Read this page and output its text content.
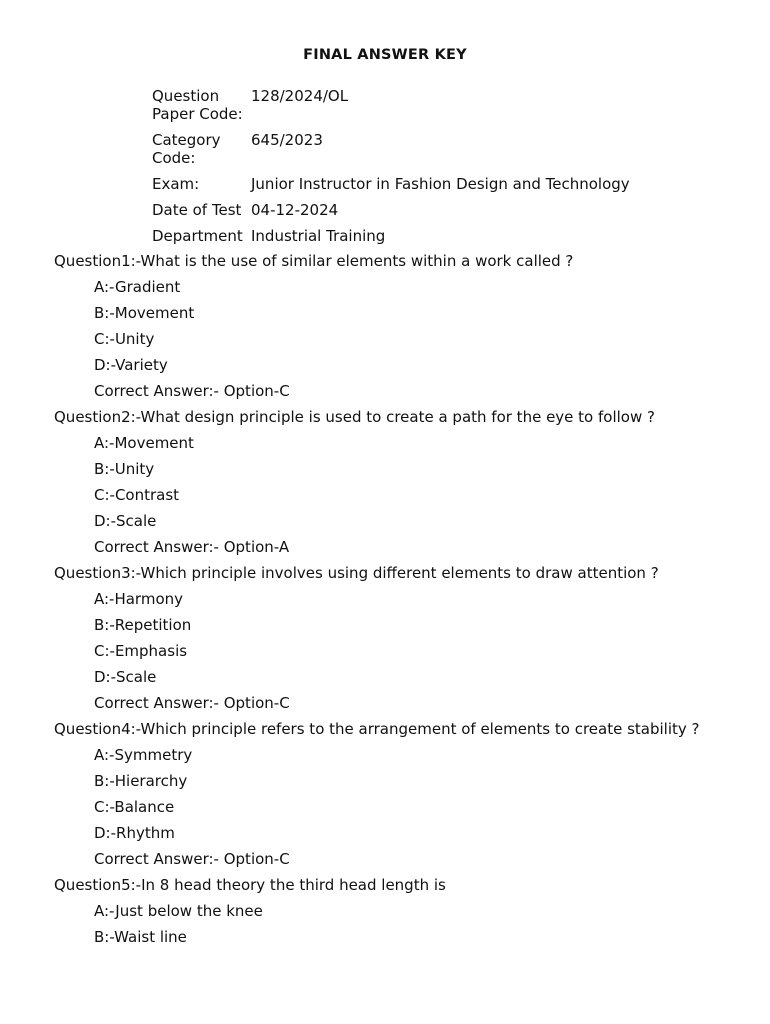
FINAL ANSWER KEY
Question Paper Code:	128/2024/OL
Category Code:	645/2023
Exam:	Junior Instructor in Fashion Design and Technology
Date of Test	04-12-2024
Department	Industrial Training
Question1:-What is the use of similar elements within a work called ?
A:-Gradient
B:-Movement
C:-Unity
D:-Variety
Correct Answer:- Option-C
Question2:-What design principle is used to create a path for the eye to follow ?
A:-Movement
B:-Unity
C:-Contrast
D:-Scale
Correct Answer:- Option-A
Question3:-Which principle involves using different elements to draw attention ?
A:-Harmony
B:-Repetition
C:-Emphasis
D:-Scale
Correct Answer:- Option-C
Question4:-Which principle refers to the arrangement of elements to create stability ?
A:-Symmetry
B:-Hierarchy
C:-Balance
D:-Rhythm
Correct Answer:- Option-C
Question5:-In 8 head theory the third head length is
A:-Just below the knee
B:-Waist line
